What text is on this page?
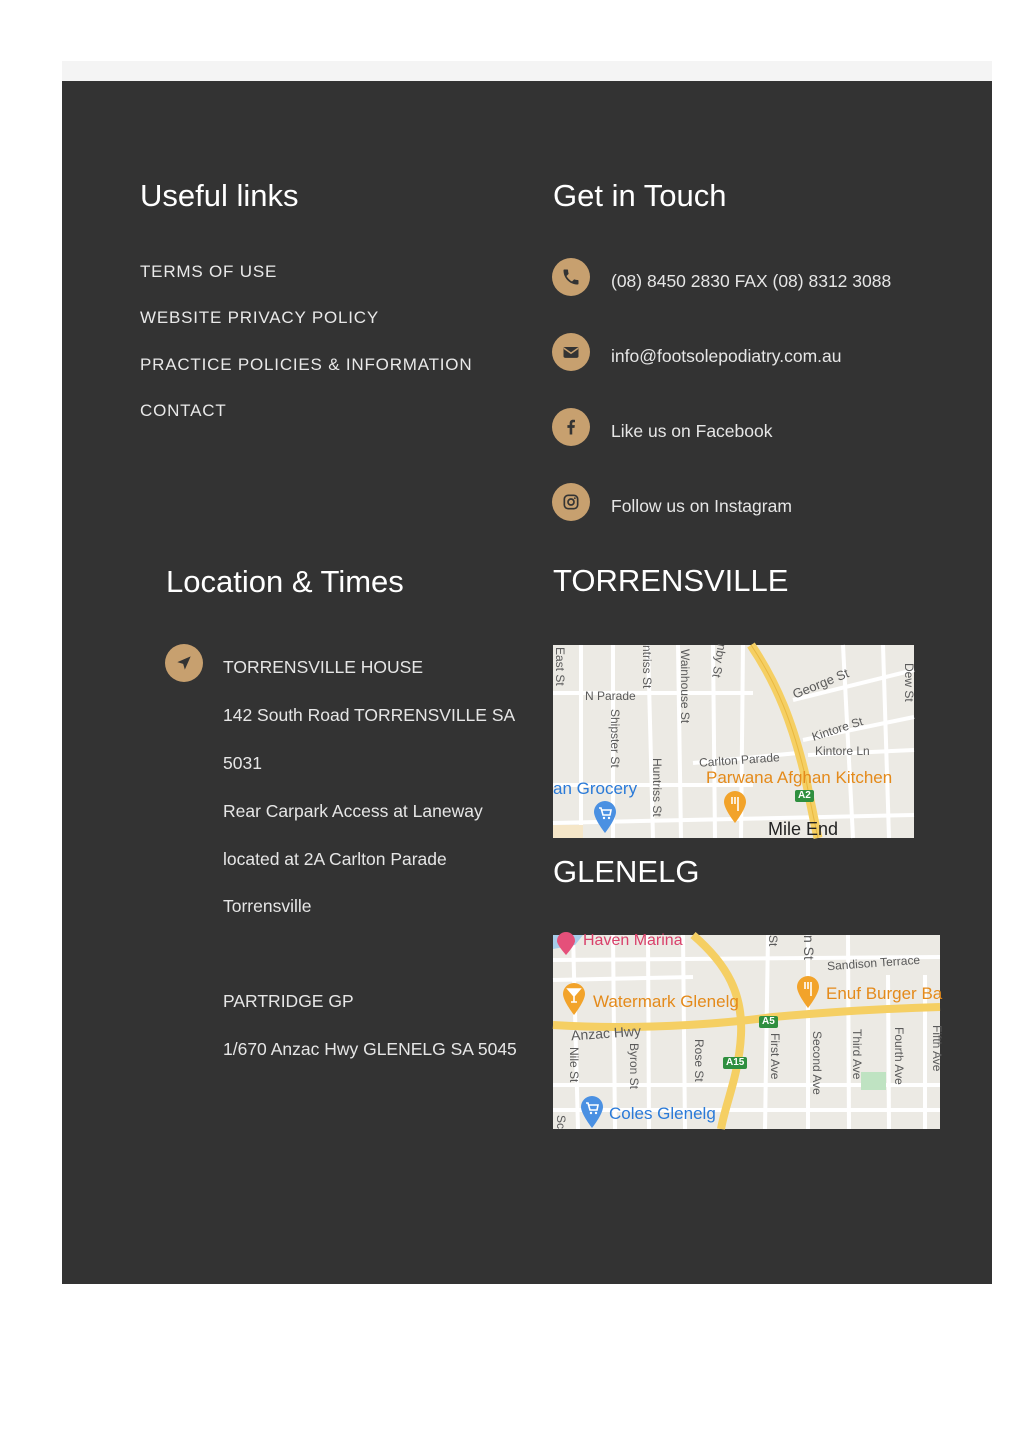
Useful links
TERMS OF USE
WEBSITE PRIVACY POLICY
PRACTICE POLICIES & INFORMATION
CONTACT
Get in Touch
(08) 8450 2830 FAX (08) 8312 3088
info@footsolepodiatry.com.au
Like us on Facebook
Follow us on Instagram
Location & Times
TORRENSVILLE HOUSE
142 South Road TORRENSVILLE SA
5031
Rear Carpark Access at Laneway
located at 2A Carlton Parade
Torrensville
PARTRIDGE GP
1/670 Anzac Hwy GLENELG SA 5045
TORRENSVILLE
East St
N Parade
ntriss St Wainhouse St nby St
Shipster St
Huntriss St
George St
Kintore St
Kintore Ln
Carlton Parade
Dew St
Parwana Afghan Kitchen
an Grocery	A2
Mile End
GLENELG
Haven Marina
Watermark Glenelg	Enuf Burger Ba
Sandison Terrace
Anzac Hwy
Nile St	Byron St	Rose St	First Ave Second Ave Third Ave Fourth Ave Fifth Ave
St n St
A5
A15
Coles Glenelg
Sc
